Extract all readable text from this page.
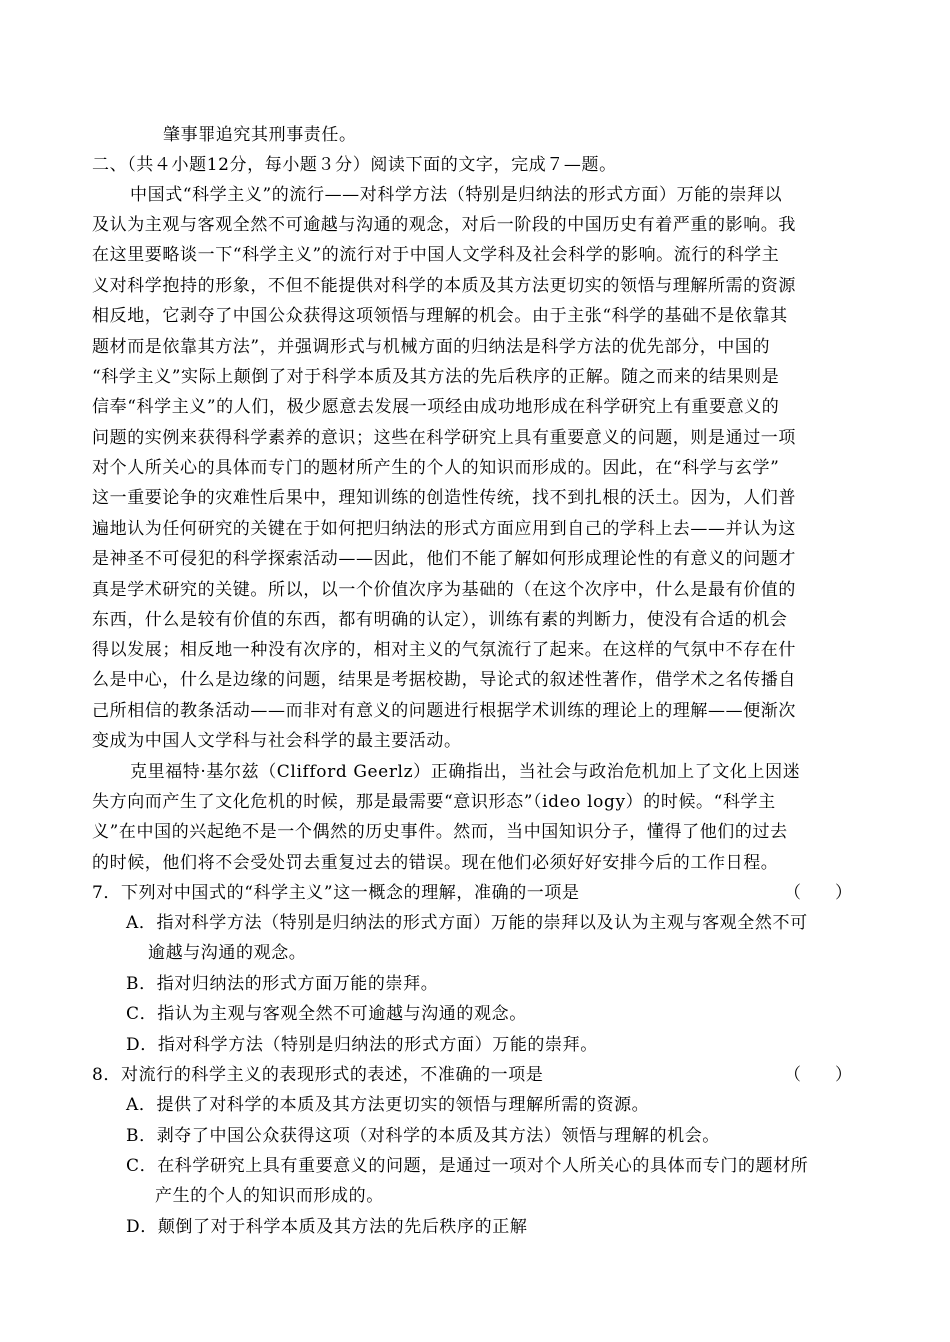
肇事罪追究其刑事责任。
二、（共４小题12分，每小题３分）阅读下面的文字，完成７—题。
中国式“科学主义”的流行——对科学方法（特别是归纳法的形式方面）万能的崇拜以
及认为主观与客观全然不可逾越与沟通的观念，对后一阶段的中国历史有着严重的影响。我
在这里要略谈一下“科学主义”的流行对于中国人文学科及社会科学的影响。流行的科学主
义对科学抱持的形象，不但不能提供对科学的本质及其方法更切实的领悟与理解所需的资源
相反地，它剥夺了中国公众获得这项领悟与理解的机会。由于主张“科学的基础不是依靠其
题材而是依靠其方法”，并强调形式与机械方面的归纳法是科学方法的优先部分，中国的
“科学主义”实际上颠倒了对于科学本质及其方法的先后秩序的正解。随之而来的结果则是
信奉“科学主义”的人们，极少愿意去发展一项经由成功地形成在科学研究上有重要意义的
问题的实例来获得科学素养的意识；这些在科学研究上具有重要意义的问题，则是通过一项
对个人所关心的具体而专门的题材所产生的个人的知识而形成的。因此，在“科学与玄学”
这一重要论争的灾难性后果中，理知训练的创造性传统，找不到扎根的沃土。因为，人们普
遍地认为任何研究的关键在于如何把归纳法的形式方面应用到自己的学科上去——并认为这
是神圣不可侵犯的科学探索活动——因此，他们不能了解如何形成理论性的有意义的问题才
真是学术研究的关键。所以，以一个价值次序为基础的（在这个次序中，什么是最有价值的
东西，什么是较有价值的东西，都有明确的认定），训练有素的判断力，使没有合适的机会
得以发展；相反地一种没有次序的，相对主义的气氛流行了起来。在这样的气氛中不存在什
么是中心，什么是边缘的问题，结果是考据校勘，导论式的叙述性著作，借学术之名传播自
己所相信的教条活动——而非对有意义的问题进行根据学术训练的理论上的理解——便渐次
变成为中国人文学科与社会科学的最主要活动。
克里福特·基尔兹（Clifford Geerlz）正确指出，当社会与政治危机加上了文化上因迷
失方向而产生了文化危机的时候，那是最需要“意识形态”（ideo logy）的时候。“科学主
义”在中国的兴起绝不是一个偶然的历史事件。然而，当中国知识分子，懂得了他们的过去
的时候，他们将不会受处罚去重复过去的错误。现在他们必须好好安排今后的工作日程。
7．下列对中国式的“科学主义”这一概念的理解，准确的一项是	（　　）
A．指对科学方法（特别是归纳法的形式方面）万能的崇拜以及认为主观与客观全然不可
逾越与沟通的观念。
B．指对归纳法的形式方面万能的崇拜。
C．指认为主观与客观全然不可逾越与沟通的观念。
D．指对科学方法（特别是归纳法的形式方面）万能的崇拜。
8．对流行的科学主义的表现形式的表述，不准确的一项是	（　　）
A．提供了对科学的本质及其方法更切实的领悟与理解所需的资源。
B．剥夺了中国公众获得这项（对科学的本质及其方法）领悟与理解的机会。
C．在科学研究上具有重要意义的问题，是通过一项对个人所关心的具体而专门的题材所
产生的个人的知识而形成的。
D．颠倒了对于科学本质及其方法的先后秩序的正解
